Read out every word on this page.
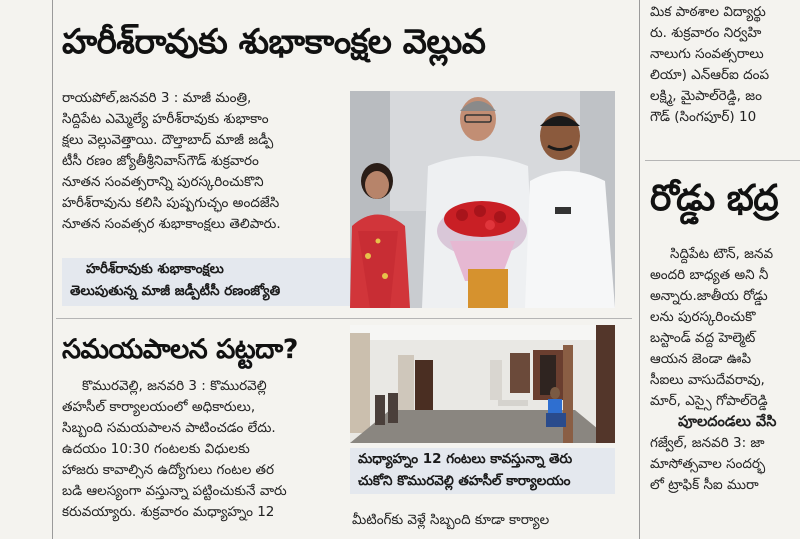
హరీశ్‌రావుకు శుభాకాంక్షల వెల్లువ
రాయపోల్,జనవరి 3 : మాజీ మంత్రి,
సిద్దిపేట ఎమ్మెల్యే హరీశ్‌రావుకు శుభాకాం
క్షలు వెల్లువెత్తాయి. దౌల్తాబాద్ మాజీ జడ్పీ
టీసీ రణం జ్యోతీశ్రీనివాస్‌గౌడ్ శుక్రవారం
నూతన సంవత్సరాన్ని పురస్కరించుకొని
హరీశ్‌రావును కలిసి పుష్పగుచ్ఛం అందజేసి
నూతన సంవత్సర శుభాకాంక్షలు తెలిపారు.
హరీశ్‌రావుకు శుభాకాంక్షలు
తెలుపుతున్న మాజీ జడ్పీటీసీ రణంజ్యోతి
సమయపాలన పట్టదా?
కొమురవెల్లి, జనవరి 3 : కొమురవెల్లి
తహసీల్ కార్యాలయంలో అధికారులు,
సిబ్బంది సమయపాలన పాటించడం లేదు.
ఉదయం 10:30 గంటలకు విధులకు
హాజరు కావాల్సిన ఉద్యోగులు గంటల తర
బడి ఆలస్యంగా వస్తున్నా పట్టించుకునే వారు
కరువయ్యారు. శుక్రవారం మధ్యాహ్నం 12
మధ్యాహ్నం 12 గంటలు కావస్తున్నా తెరు
చుకోని కొమురవెల్లి తహసీల్ కార్యాలయం
మీటింగ్‌కు వెళ్లే సిబ్బంది కూడా కార్యాల
మిక పాఠశాల విద్యార్థు
రు. శుక్రవారం నిర్వహి
నాలుగు సంవత్సరాలు
లియా) ఎన్‌ఆర్‌ఐ దంప
లక్ష్మి, మైపాల్‌రెడ్డి, జం
గౌడ్ (సింగపూర్) 10
రోడ్డు భద్ర
సిద్దిపేట టౌన్, జనవ
అందరి బాధ్యత అని నీ
అన్నారు.జాతీయ రోడ్డు
లను పురస్కరించుకొ
బస్టాండ్ వద్ద హెల్మెట్
ఆయన జెండా ఊపి
సీఐలు వాసుదేవరావు,
మార్, ఎస్సై గోపాల్‌రెడ్డి
పూలదండలు వేసి
గజ్వేల్, జనవరి 3: జా
మాసోత్సవాల సందర్భ
లో ట్రాఫిక్ సీఐ మురా
